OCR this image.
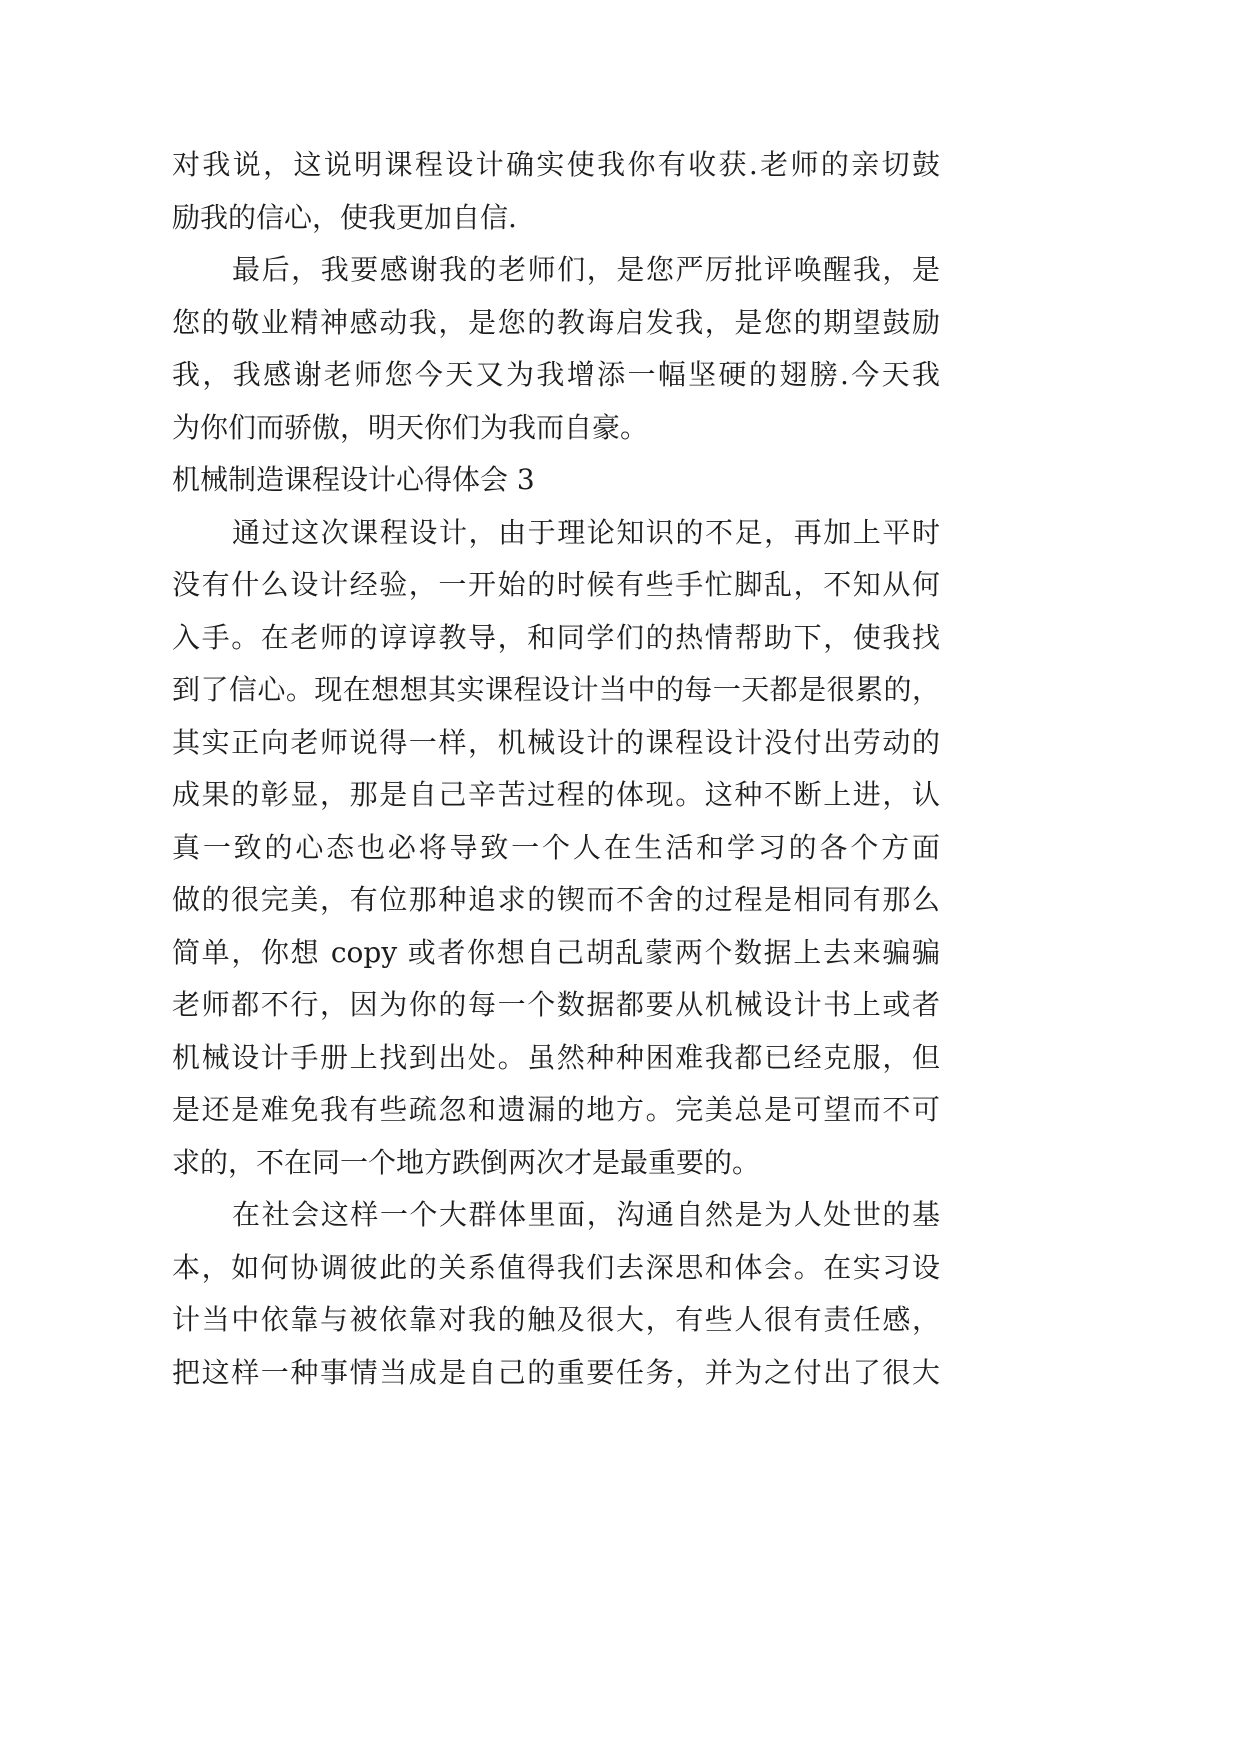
对我说，这说明课程设计确实使我你有收获.老师的亲切鼓
励我的信心，使我更加自信.

最后，我要感谢我的老师们，是您严厉批评唤醒我，是
您的敬业精神感动我，是您的教诲启发我，是您的期望鼓励
我，我感谢老师您今天又为我增添一幅坚硬的翅膀.今天我
为你们而骄傲，明天你们为我而自豪。

机械制造课程设计心得体会 3

通过这次课程设计，由于理论知识的不足，再加上平时
没有什么设计经验，一开始的时候有些手忙脚乱，不知从何
入手。在老师的谆谆教导，和同学们的热情帮助下，使我找
到了信心。现在想想其实课程设计当中的每一天都是很累的，
其实正向老师说得一样，机械设计的课程设计没付出劳动的
成果的彰显，那是自己辛苦过程的体现。这种不断上进，认
真一致的心态也必将导致一个人在生活和学习的各个方面
做的很完美，有位那种追求的锲而不舍的过程是相同有那么
简单，你想 copy 或者你想自己胡乱蒙两个数据上去来骗骗
老师都不行，因为你的每一个数据都要从机械设计书上或者
机械设计手册上找到出处。虽然种种困难我都已经克服，但
是还是难免我有些疏忽和遗漏的地方。完美总是可望而不可
求的，不在同一个地方跌倒两次才是最重要的。

在社会这样一个大群体里面，沟通自然是为人处世的基
本，如何协调彼此的关系值得我们去深思和体会。在实习设
计当中依靠与被依靠对我的触及很大，有些人很有责任感，
把这样一种事情当成是自己的重要任务，并为之付出了很大
